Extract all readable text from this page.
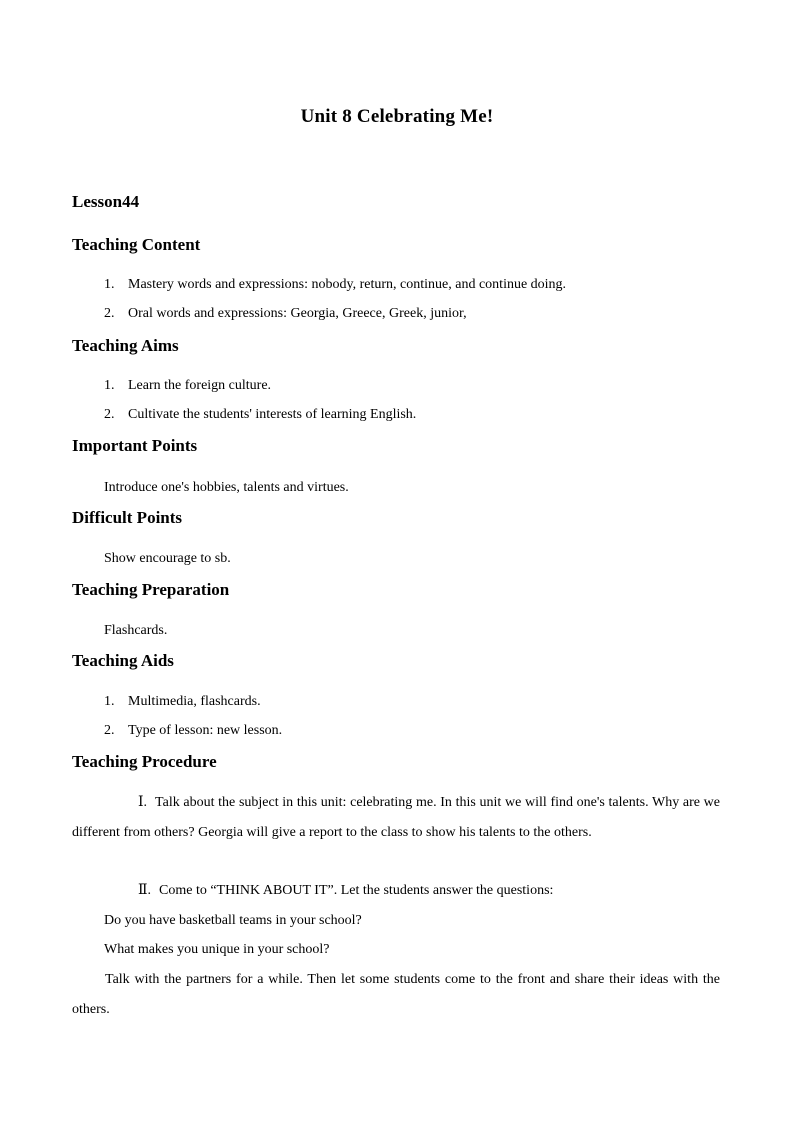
Unit 8 Celebrating Me!
Lesson44
Teaching Content
1. Mastery words and expressions: nobody, return, continue, and continue doing.
2. Oral words and expressions: Georgia, Greece, Greek, junior,
Teaching Aims
1. Learn the foreign culture.
2. Cultivate the students' interests of learning English.
Important Points
Introduce one's hobbies, talents and virtues.
Difficult Points
Show encourage to sb.
Teaching Preparation
Flashcards.
Teaching Aids
1. Multimedia, flashcards.
2. Type of lesson: new lesson.
Teaching Procedure
Ⅰ. Talk about the subject in this unit: celebrating me. In this unit we will find one's talents. Why are we different from others? Georgia will give a report to the class to show his talents to the others.
Ⅱ. Come to “THINK ABOUT IT”. Let the students answer the questions:
Do you have basketball teams in your school?
What makes you unique in your school?
Talk with the partners for a while. Then let some students come to the front and share their ideas with the others.
